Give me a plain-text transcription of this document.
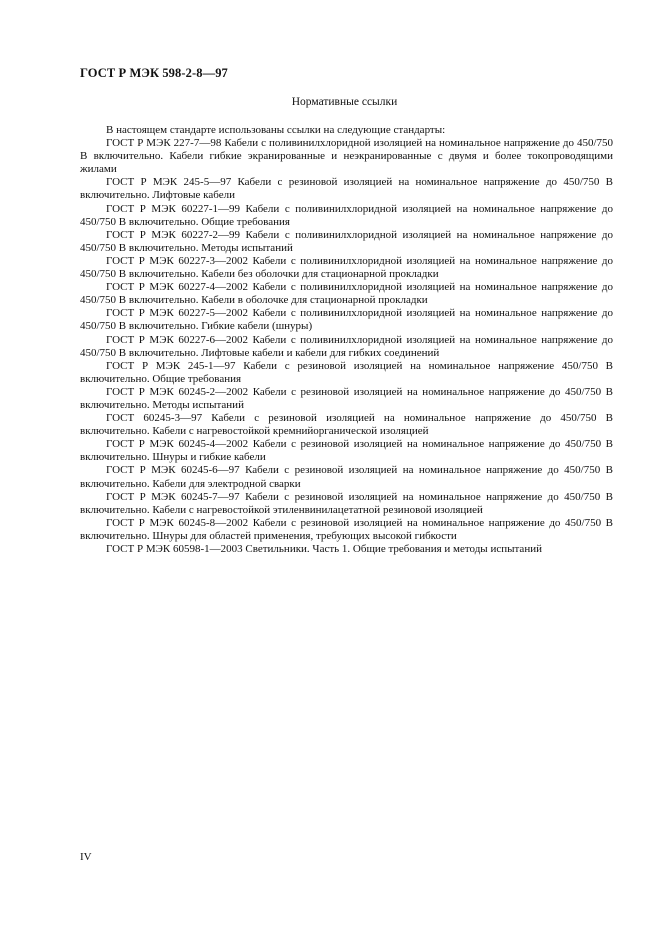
ГОСТ Р МЭК 598-2-8—97
Нормативные ссылки

В настоящем стандарте использованы ссылки на следующие стандарты:

ГОСТ Р МЭК 227-7—98 Кабели с поливинилхлоридной изоляцией на номинальное напряжение до 450/750 В включительно. Кабели гибкие экранированные и неэкранированные с двумя и более токопроводящими жилами

ГОСТ Р МЭК 245-5—97 Кабели с резиновой изоляцией на номинальное напряжение до 450/750 В включительно. Лифтовые кабели

ГОСТ Р МЭК 60227-1—99 Кабели с поливинилхлоридной изоляцией на номинальное напряжение до 450/750 В включительно. Общие требования

ГОСТ Р МЭК 60227-2—99 Кабели с поливинилхлоридной изоляцией на номинальное напряжение до 450/750 В включительно. Методы испытаний

ГОСТ Р МЭК 60227-3—2002 Кабели с поливинилхлоридной изоляцией на номинальное напряжение до 450/750 В включительно. Кабели без оболочки для стационарной прокладки

ГОСТ Р МЭК 60227-4—2002 Кабели с поливинилхлоридной изоляцией на номинальное напряжение до 450/750 В включительно. Кабели в оболочке для стационарной прокладки

ГОСТ Р МЭК 60227-5—2002 Кабели с поливинилхлоридной изоляцией на номинальное напряжение до 450/750 В включительно. Гибкие кабели (шнуры)

ГОСТ Р МЭК 60227-6—2002 Кабели с поливинилхлоридной изоляцией на номинальное напряжение до 450/750 В включительно. Лифтовые кабели и кабели для гибких соединений

ГОСТ Р МЭК 245-1—97 Кабели с резиновой изоляцией на номинальное напряжение 450/750 В включительно. Общие требования

ГОСТ Р МЭК 60245-2—2002 Кабели с резиновой изоляцией на номинальное напряжение до 450/750 В включительно. Методы испытаний

ГОСТ 60245-3—97 Кабели с резиновой изоляцией на номинальное напряжение до 450/750 В включительно. Кабели с нагревостойкой кремнийорганической изоляцией

ГОСТ Р МЭК 60245-4—2002 Кабели с резиновой изоляцией на номинальное напряжение до 450/750 В включительно. Шнуры и гибкие кабели

ГОСТ Р МЭК 60245-6—97 Кабели с резиновой изоляцией на номинальное напряжение до 450/750 В включительно. Кабели для электродной сварки

ГОСТ Р МЭК 60245-7—97 Кабели с резиновой изоляцией на номинальное напряжение до 450/750 В включительно. Кабели с нагревостойкой этиленвинилацетатной резиновой изоляцией

ГОСТ Р МЭК 60245-8—2002 Кабели с резиновой изоляцией на номинальное напряжение до 450/750 В включительно. Шнуры для областей применения, требующих высокой гибкости

ГОСТ Р МЭК 60598-1—2003 Светильники. Часть 1. Общие требования и методы испытаний

IV
